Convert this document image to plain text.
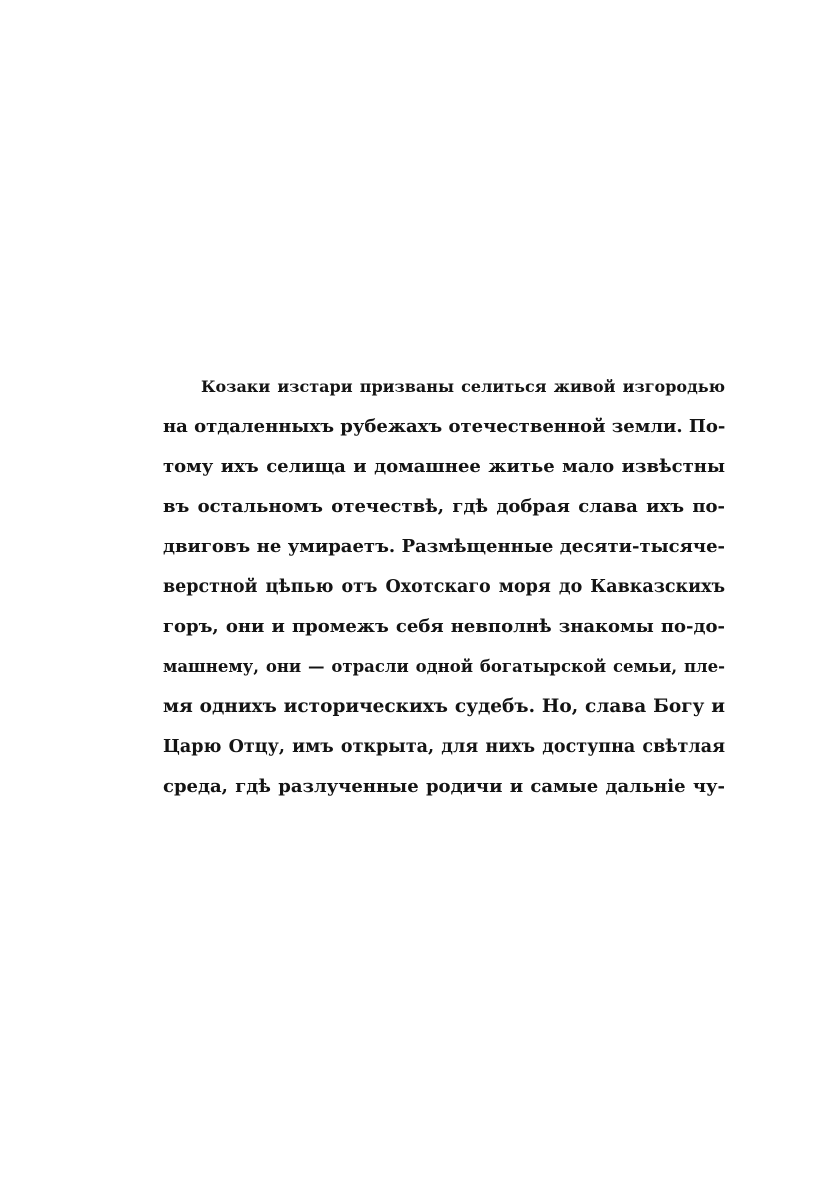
Козаки изстари призваны селиться живой изгородью
на отдаленныхъ рубежахъ отечественной земли. По-
тому ихъ селища и домашнее житье мало извѣстны
въ остальномъ отечествѣ, гдѣ добрая слава ихъ по-
двиговъ не умираетъ. Размѣщенные десяти-тысяче-
верстной цѣпью отъ Охотскаго моря до Кавказскихъ
горъ, они и промежъ себя невполнѣ знакомы по-до-
машнему, они — отрасли одной богатырской семьи, пле-
мя однихъ историческихъ судебъ. Но, слава Богу и
Царю Отцу, имъ открыта, для нихъ доступна свѣтлая
среда, гдѣ разлученные родичи и самые дальніе чу-
